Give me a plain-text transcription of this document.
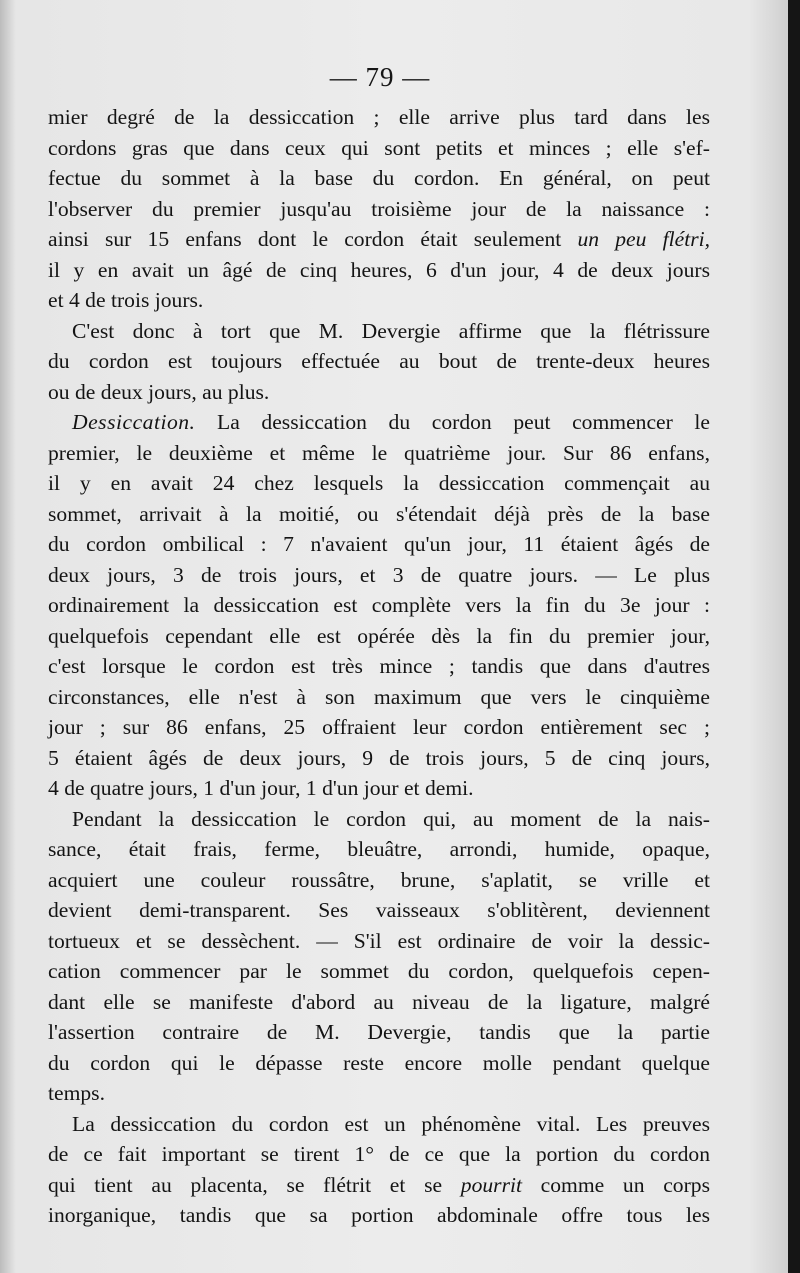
— 79 —
mier degré de la dessiccation ; elle arrive plus tard dans les
cordons gras que dans ceux qui sont petits et minces ; elle s'ef-
fectue du sommet à la base du cordon. En général, on peut
l'observer du premier jusqu'au troisième jour de la naissance :
ainsi sur 15 enfans dont le cordon était seulement un peu flétri,
il y en avait un âgé de cinq heures, 6 d'un jour, 4 de deux jours
et 4 de trois jours.
C'est donc à tort que M. Devergie affirme que la flétrissure
du cordon est toujours effectuée au bout de trente-deux heures
ou de deux jours, au plus.
Dessiccation. La dessiccation du cordon peut commencer le
premier, le deuxième et même le quatrième jour. Sur 86 enfans,
il y en avait 24 chez lesquels la dessiccation commençait au
sommet, arrivait à la moitié, ou s'étendait déjà près de la base
du cordon ombilical : 7 n'avaient qu'un jour, 11 étaient âgés de
deux jours, 3 de trois jours, et 3 de quatre jours. — Le plus
ordinairement la dessiccation est complète vers la fin du 3e jour :
quelquefois cependant elle est opérée dès la fin du premier jour,
c'est lorsque le cordon est très mince ; tandis que dans d'autres
circonstances, elle n'est à son maximum que vers le cinquième
jour ; sur 86 enfans, 25 offraient leur cordon entièrement sec ;
5 étaient âgés de deux jours, 9 de trois jours, 5 de cinq jours,
4 de quatre jours, 1 d'un jour, 1 d'un jour et demi.
Pendant la dessiccation le cordon qui, au moment de la nais-
sance, était frais, ferme, bleuâtre, arrondi, humide, opaque,
acquiert une couleur roussâtre, brune, s'aplatit, se vrille et
devient demi-transparent. Ses vaisseaux s'oblitèrent, deviennent
tortueux et se dessèchent. — S'il est ordinaire de voir la dessic-
cation commencer par le sommet du cordon, quelquefois cepen-
dant elle se manifeste d'abord au niveau de la ligature, malgré
l'assertion contraire de M. Devergie, tandis que la partie
du cordon qui le dépasse reste encore molle pendant quelque
temps.
La dessiccation du cordon est un phénomène vital. Les preuves
de ce fait important se tirent 1° de ce que la portion du cordon
qui tient au placenta, se flétrit et se pourrit comme un corps
inorganique, tandis que sa portion abdominale offre tous les
